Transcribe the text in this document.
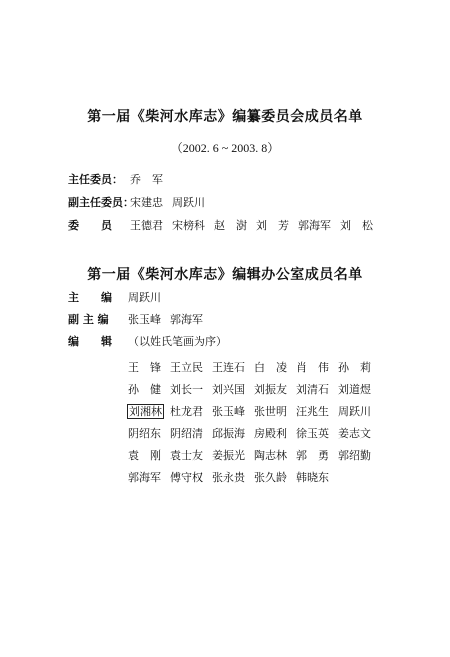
第一届《柴河水库志》编纂委员会成员名单
（2002. 6 ~ 2003. 8）
主任委员： 乔　军
副主任委员：宋建忠 周跃川
委　　员 王德君 宋榜科 赵　澍 刘　芳 郭海军 刘　松
第一届《柴河水库志》编辑办公室成员名单
主　　编 周跃川
副 主 编 张玉峰 郭海军
编　　辑 （以姓氏笔画为序）
王　锋 王立民 王连石 白　凌 肖　伟 孙　莉
孙　健 刘长一 刘兴国 刘振友 刘清石 刘道煜
刘湘林 杜龙君 张玉峰 张世明 汪兆生 周跃川
阴绍东 阴绍清 邱振海 房殿利 徐玉英 姜志文
袁　刚 袁士友 姜振光 陶志林 郭　勇 郭绍勤
郭海军 傅守权 张永贵 张久龄 韩晓东
